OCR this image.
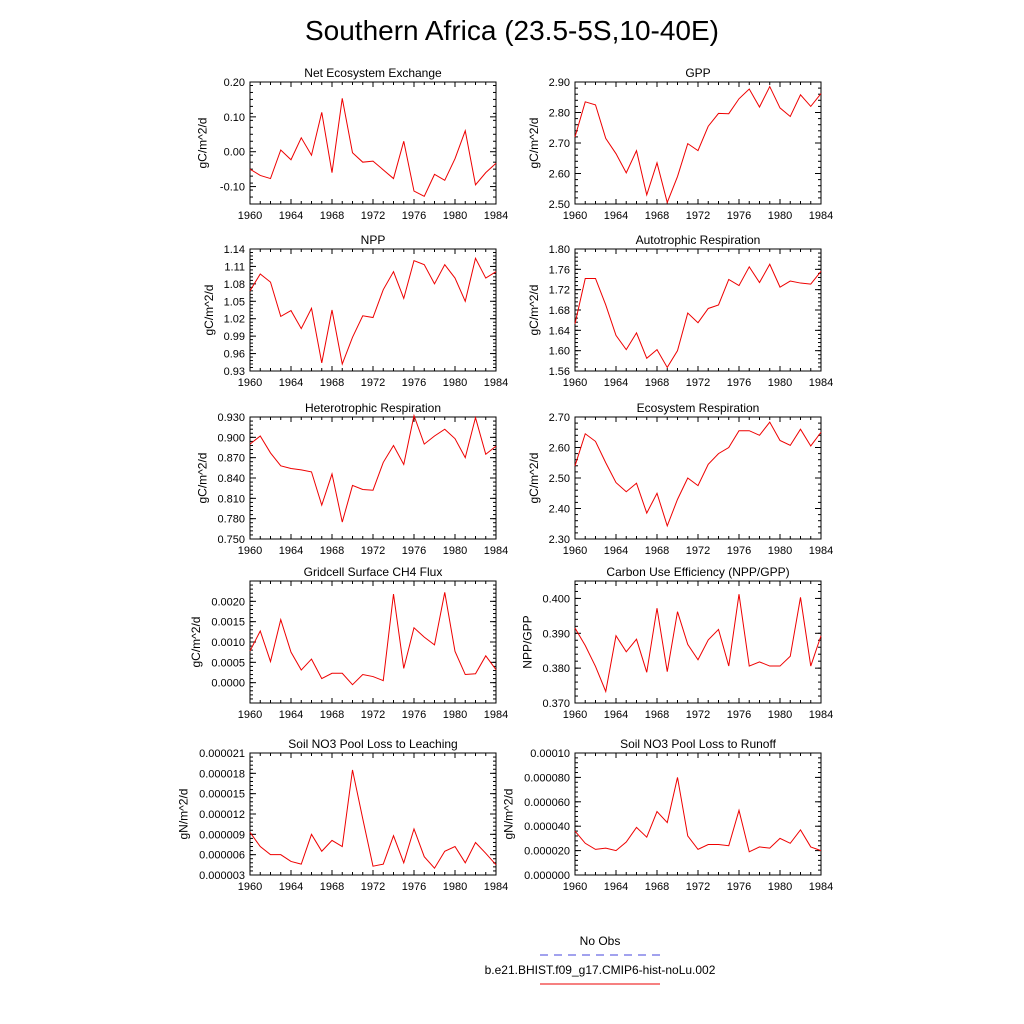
Southern Africa (23.5-5S,10-40E)
Net Ecosystem Exchange
1960 1964 1968 1972 1976 1980 1984
-0.10
0.00
0.10
0.20
gC/m^2/d
GPP
1960 1964 1968 1972 1976 1980 1984
2.50
2.60
2.70
2.80
2.90
gC/m^2/d
NPP
1960 1964 1968 1972 1976 1980 1984
0.93
0.96
0.99
1.02
1.05
1.08
1.11
1.14
gC/m^2/d
Autotrophic Respiration
1960 1964 1968 1972 1976 1980 1984
1.56
1.60
1.64
1.68
1.72
1.76
1.80
gC/m^2/d
Heterotrophic Respiration
1960 1964 1968 1972 1976 1980 1984
0.750
0.780
0.810
0.840
0.870
0.900
0.930
gC/m^2/d
Ecosystem Respiration
1960 1964 1968 1972 1976 1980 1984
2.30
2.40
2.50
2.60
2.70
gC/m^2/d
Gridcell Surface CH4 Flux
1960 1964 1968 1972 1976 1980 1984
0.0000
0.0005
0.0010
0.0015
0.0020
gC/m^2/d
Carbon Use Efficiency (NPP/GPP)
1960 1964 1968 1972 1976 1980 1984
0.370
0.380
0.390
0.400
NPP/GPP
Soil NO3 Pool Loss to Leaching
1960 1964 1968 1972 1976 1980 1984
0.000003
0.000006
0.000009
0.000012
0.000015
0.000018
0.000021
gN/m^2/d
Soil NO3 Pool Loss to Runoff
1960 1964 1968 1972 1976 1980 1984
0.000000
0.000020
0.000040
0.000060
0.000080
0.00010
gN/m^2/d
No Obs
b.e21.BHIST.f09_g17.CMIP6-hist-noLu.002
